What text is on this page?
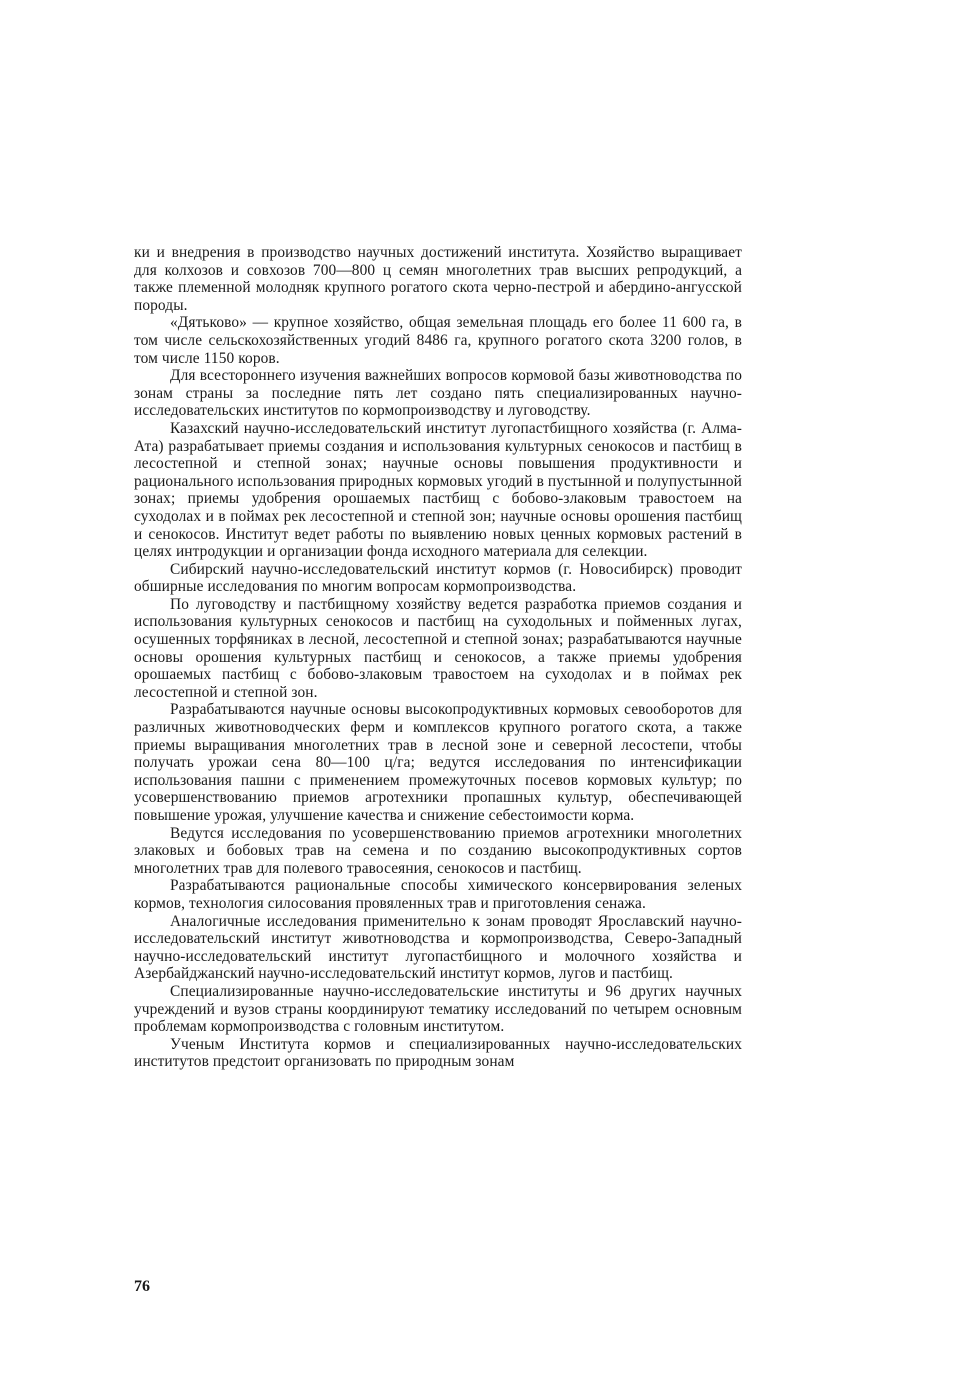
ки и внедрения в производство научных достижений института. Хозяйство выращивает для колхозов и совхозов 700—800 ц семян многолетних трав высших репродукций, а также племенной молодняк крупного рогатого скота черно-пестрой и абердино-ангусской породы.

«Дятьково» — крупное хозяйство, общая земельная площадь его более 11 600 га, в том числе сельскохозяйственных угодий 8486 га, крупного рогатого скота 3200 голов, в том числе 1150 коров.

Для всестороннего изучения важнейших вопросов кормовой базы животноводства по зонам страны за последние пять лет создано пять специализированных научно-исследовательских институтов по кормопроизводству и луговодству.

Казахский научно-исследовательский институт лугопастбищного хозяйства (г. Алма-Ата) разрабатывает приемы создания и использования культурных сенокосов и пастбищ в лесостепной и степной зонах; научные основы повышения продуктивности и рационального использования природных кормовых угодий в пустынной и полупустынной зонах; приемы удобрения орошаемых пастбищ с бобово-злаковым травостоем на суходолах и в поймах рек лесостепной и степной зон; научные основы орошения пастбищ и сенокосов. Институт ведет работы по выявлению новых ценных кормовых растений в целях интродукции и организации фонда исходного материала для селекции.

Сибирский научно-исследовательский институт кормов (г. Новосибирск) проводит обширные исследования по многим вопросам кормопроизводства.

По луговодству и пастбищному хозяйству ведется разработка приемов создания и использования культурных сенокосов и пастбищ на суходольных и пойменных лугах, осушенных торфяниках в лесной, лесостепной и степной зонах; разрабатываются научные основы орошения культурных пастбищ и сенокосов, а также приемы удобрения орошаемых пастбищ с бобово-злаковым травостоем на суходолах и в поймах рек лесостепной и степной зон.

Разрабатываются научные основы высокопродуктивных кормовых севооборотов для различных животноводческих ферм и комплексов крупного рогатого скота, а также приемы выращивания многолетних трав в лесной зоне и северной лесостепи, чтобы получать урожаи сена 80—100 ц/га; ведутся исследования по интенсификации использования пашни с применением промежуточных посевов кормовых культур; по усовершенствованию приемов агротехники пропашных культур, обеспечивающей повышение урожая, улучшение качества и снижение себестоимости корма.

Ведутся исследования по усовершенствованию приемов агротехники многолетних злаковых и бобовых трав на семена и по созданию высокопродуктивных сортов многолетних трав для полевого травосеяния, сенокосов и пастбищ.

Разрабатываются рациональные способы химического консервирования зеленых кормов, технология силосования провяленных трав и приготовления сенажа.

Аналогичные исследования применительно к зонам проводят Ярославский научно-исследовательский институт животноводства и кормопроизводства, Северо-Западный научно-исследовательский институт лугопастбищного и молочного хозяйства и Азербайджанский научно-исследовательский институт кормов, лугов и пастбищ.

Специализированные научно-исследовательские институты и 96 других научных учреждений и вузов страны координируют тематику исследований по четырем основным проблемам кормопроизводства с головным институтом.

Ученым Института кормов и специализированных научно-исследовательских институтов предстоит организовать по природным зонам

76
